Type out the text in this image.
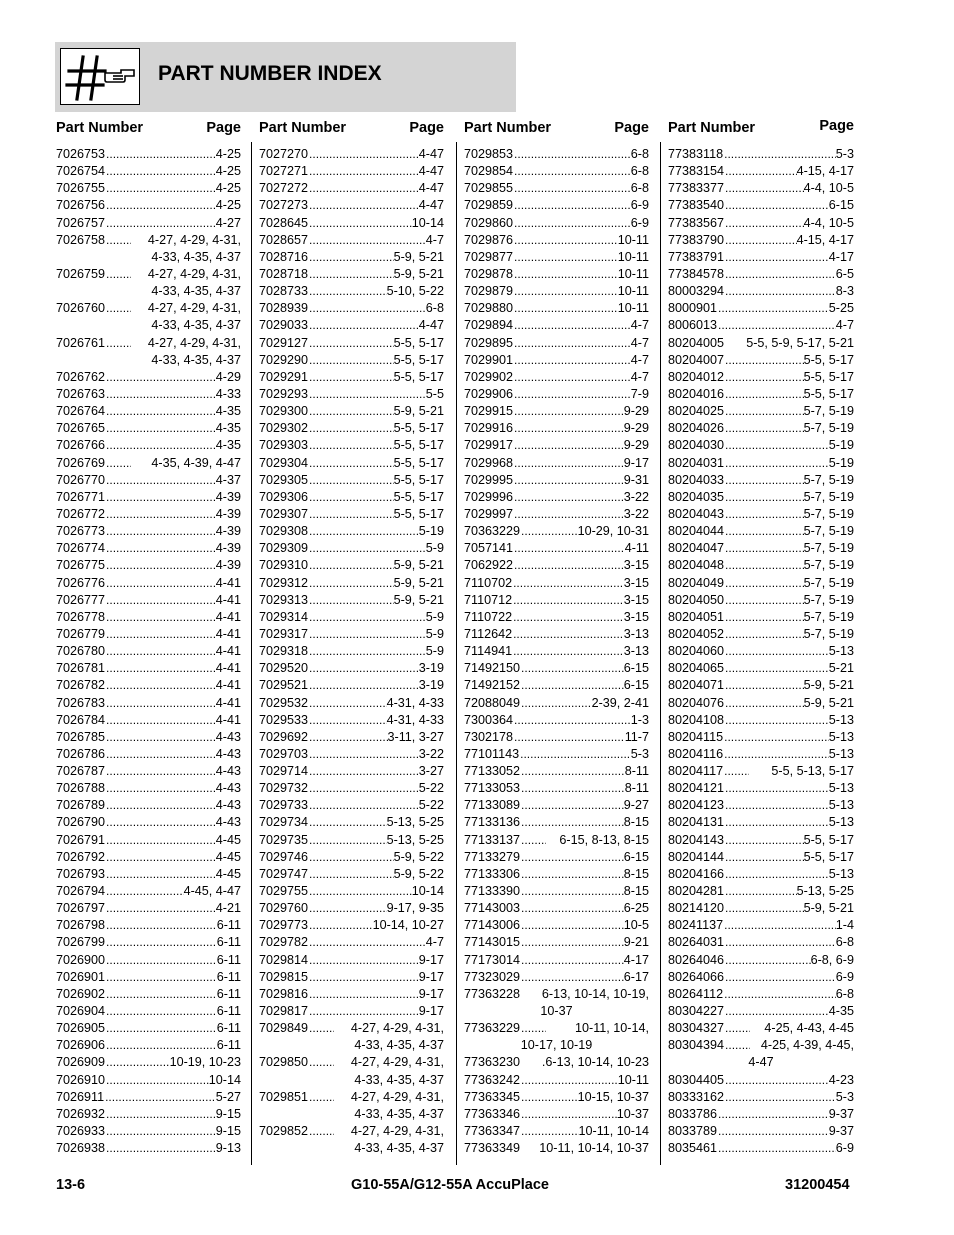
PART NUMBER INDEX
Part Number	Page
7026753 .....	4-25
7026754 .....	4-25
7026755 .....	4-25
7026756 .....	4-25
7026757 .....	4-27
7026758 .....	4-27, 4-29, 4-31,
4-33, 4-35, 4-37
7026759 .....	4-27, 4-29, 4-31,
4-33, 4-35, 4-37
7026760 .....	4-27, 4-29, 4-31,
4-33, 4-35, 4-37
7026761 .....	4-27, 4-29, 4-31,
4-33, 4-35, 4-37
7026762 .....	4-29
7026763 .....	4-33
7026764 .....	4-35
7026765 .....	4-35
7026766 .....	4-35
7026769 .....	4-35, 4-39, 4-47
7026770 .....	4-37
7026771 .....	4-39
7026772 .....	4-39
7026773 .....	4-39
7026774 .....	4-39
7026775 .....	4-39
7026776 .....	4-41
7026777 .....	4-41
7026778 .....	4-41
7026779 .....	4-41
7026780 .....	4-41
7026781 .....	4-41
7026782 .....	4-41
7026783 .....	4-41
7026784 .....	4-41
7026785 .....	4-43
7026786 .....	4-43
7026787 .....	4-43
7026788 .....	4-43
7026789 .....	4-43
7026790 .....	4-43
7026791 .....	4-45
7026792 .....	4-45
7026793 .....	4-45
7026794 .....	4-45, 4-47
7026797 .....	4-21
7026798 .....	6-11
7026799 .....	6-11
7026900 .....	6-11
7026901 .....	6-11
7026902 .....	6-11
7026904 .....	6-11
7026905 .....	6-11
7026906 .....	6-11
7026909 .....	10-19, 10-23
7026910 .....	10-14
7026911 .....	5-27
7026932 .....	9-15
7026933 .....	9-15
7026938 .....	9-13
Part Number	Page
7027270 .....	4-47
7027271 .....	4-47
7027272 .....	4-47
7027273 .....	4-47
7028645 .....	10-14
7028657 .....	4-7
7028716 .....	5-9, 5-21
7028718 .....	5-9, 5-21
7028733 .....	5-10, 5-22
7028939 .....	6-8
7029033 .....	4-47
7029127 .....	5-5, 5-17
7029290 .....	5-5, 5-17
7029291 .....	5-5, 5-17
7029293 .....	5-5
7029300 .....	5-9, 5-21
7029302 .....	5-5, 5-17
7029303 .....	5-5, 5-17
7029304 .....	5-5, 5-17
7029305 .....	5-5, 5-17
7029306 .....	5-5, 5-17
7029307 .....	5-5, 5-17
7029308 .....	5-19
7029309 .....	5-9
7029310 .....	5-9, 5-21
7029312 .....	5-9, 5-21
7029313 .....	5-9, 5-21
7029314 .....	5-9
7029317 .....	5-9
7029318 .....	5-9
7029520 .....	3-19
7029521 .....	3-19
7029532 .....	4-31, 4-33
7029533 .....	4-31, 4-33
7029692 .....	3-11, 3-27
7029703 .....	3-22
7029714 .....	3-27
7029732 .....	5-22
7029733 .....	5-22
7029734 .....	5-13, 5-25
7029735 .....	5-13, 5-25
7029746 .....	5-9, 5-22
7029747 .....	5-9, 5-22
7029755 .....	10-14
7029760 .....	9-17, 9-35
7029773 .....	10-14, 10-27
7029782 .....	4-7
7029814 .....	9-17
7029815 .....	9-17
7029816 .....	9-17
7029817 .....	9-17
7029849 .....	4-27, 4-29, 4-31,
4-33, 4-35, 4-37
7029850 .....	4-27, 4-29, 4-31,
4-33, 4-35, 4-37
7029851 .....	4-27, 4-29, 4-31,
4-33, 4-35, 4-37
7029852 .....	4-27, 4-29, 4-31,
4-33, 4-35, 4-37
Part Number	Page
7029853 .....	6-8
7029854 .....	6-8
7029855 .....	6-8
7029859 .....	6-9
7029860 .....	6-9
7029876 .....	10-11
7029877 .....	10-11
7029878 .....	10-11
7029879 .....	10-11
7029880 .....	10-11
7029894 .....	4-7
7029895 .....	4-7
7029901 .....	4-7
7029902 .....	4-7
7029906 .....	7-9
7029915 .....	9-29
7029916 .....	9-29
7029917 .....	9-29
7029968 .....	9-17
7029995 .....	9-31
7029996 .....	3-22
7029997 .....	3-22
70363229 .....	10-29, 10-31
7057141 .....	4-11
7062922 .....	3-15
7110702 .....	3-15
7110712 .....	3-15
7110722 .....	3-15
7112642 .....	3-13
7114941 .....	3-13
71492150 .....	6-15
71492152 .....	6-15
72088049 .....	2-39, 2-41
7300364 .....	1-3
7302178 .....	11-7
77101143 .....	5-3
77133052 .....	8-11
77133053 .....	8-11
77133089 .....	9-27
77133136 .....	8-15
77133137 .....	6-15, 8-13, 8-15
77133279 .....	6-15
77133306 .....	8-15
77133390 .....	8-15
77143003 .....	6-25
77143006 .....	10-5
77143015 .....	9-21
77173014 .....	4-17
77323029 .....	6-17
77363228	6-13, 10-14, 10-19,
10-37
77363229 .....	10-11, 10-14,
10-17, 10-19
77363230	.6-13, 10-14, 10-23
77363242 .....	10-11
77363345 .....	10-15, 10-37
77363346 .....	10-37
77363347 .....	10-11, 10-14
77363349	10-11, 10-14, 10-37
Part Number	Page
77383118 .....	5-3
77383154 .....	4-15, 4-17
77383377 .....	4-4, 10-5
77383540 .....	6-15
77383567 .....	4-4, 10-5
77383790 .....	4-15, 4-17
77383791 .....	4-17
77384578 .....	6-5
80003294 .....	8-3
8000901 .....	5-25
8006013 .....	4-7
80204005	5-5, 5-9, 5-17, 5-21
80204007 .....	5-5, 5-17
80204012 .....	5-5, 5-17
80204016 .....	5-5, 5-17
80204025 .....	5-7, 5-19
80204026 .....	5-7, 5-19
80204030 .....	5-19
80204031 .....	5-19
80204033 .....	5-7, 5-19
80204035 .....	5-7, 5-19
80204043 .....	5-7, 5-19
80204044 .....	5-7, 5-19
80204047 .....	5-7, 5-19
80204048 .....	5-7, 5-19
80204049 .....	5-7, 5-19
80204050 .....	5-7, 5-19
80204051 .....	5-7, 5-19
80204052 .....	5-7, 5-19
80204060 .....	5-13
80204065 .....	5-21
80204071 .....	5-9, 5-21
80204076 .....	5-9, 5-21
80204108 .....	5-13
80204115 .....	5-13
80204116 .....	5-13
80204117 .....	5-5, 5-13, 5-17
80204121 .....	5-13
80204123 .....	5-13
80204131 .....	5-13
80204143 .....	5-5, 5-17
80204144 .....	5-5, 5-17
80204166 .....	5-13
80204281 .....	5-13, 5-25
80214120 .....	5-9, 5-21
80241137 .....	1-4
80264031 .....	6-8
80264046 .....	6-8, 6-9
80264066 .....	6-9
80264112 .....	6-8
80304227 .....	4-35
80304327 .....	4-25, 4-43, 4-45
80304394 .....	4-25, 4-39, 4-45,
4-47
80304405 .....	4-23
80333162 .....	5-3
8033786 .....	9-37
8033789 .....	9-37
8035461 .....	6-9
13-6	G10-55A/G12-55A AccuPlace	31200454
